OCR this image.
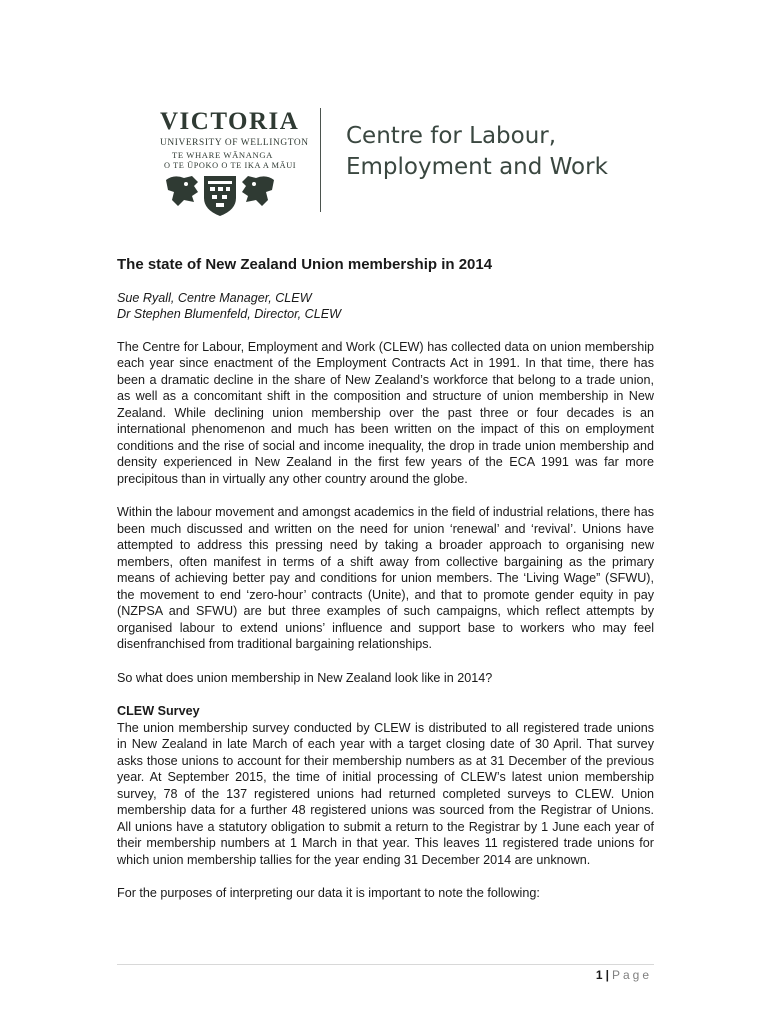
VICTORIA
UNIVERSITY OF WELLINGTON
TE WHARE WĀNANGA
O TE ŪPOKO O TE IKA A MĀUI
Centre for Labour,
Employment and Work
The state of New Zealand Union membership in 2014
Sue Ryall, Centre Manager, CLEW
Dr Stephen Blumenfeld, Director, CLEW

The Centre for Labour, Employment and Work (CLEW) has collected data on union membership each year since enactment of the Employment Contracts Act in 1991. In that time, there has been a dramatic decline in the share of New Zealand’s workforce that belong to a trade union, as well as a concomitant shift in the composition and structure of union membership in New Zealand. While declining union membership over the past three or four decades is an international phenomenon and much has been written on the impact of this on employment conditions and the rise of social and income inequality, the drop in trade union membership and density experienced in New Zealand in the first few years of the ECA 1991 was far more precipitous than in virtually any other country around the globe.

Within the labour movement and amongst academics in the field of industrial relations, there has been much discussed and written on the need for union ‘renewal’ and ‘revival’. Unions have attempted to address this pressing need by taking a broader approach to organising new members, often manifest in terms of a shift away from collective bargaining as the primary means of achieving better pay and conditions for union members. The ‘Living Wage” (SFWU), the movement to end ‘zero-hour’ contracts (Unite), and that to promote gender equity in pay (NZPSA and SFWU) are but three examples of such campaigns, which reflect attempts by organised labour to extend unions’ influence and support base to workers who may feel disenfranchised from traditional bargaining relationships.

So what does union membership in New Zealand look like in 2014?

CLEW Survey

The union membership survey conducted by CLEW is distributed to all registered trade unions in New Zealand in late March of each year with a target closing date of 30 April. That survey asks those unions to account for their membership numbers as at 31 December of the previous year. At September 2015, the time of initial processing of CLEW’s latest union membership survey, 78 of the 137 registered unions had returned completed surveys to CLEW. Union membership data for a further 48 registered unions was sourced from the Registrar of Unions. All unions have a statutory obligation to submit a return to the Registrar by 1 June each year of their membership numbers at 1 March in that year. This leaves 11 registered trade unions for which union membership tallies for the year ending 31 December 2014 are unknown.

For the purposes of interpreting our data it is important to note the following:

1 | Page
